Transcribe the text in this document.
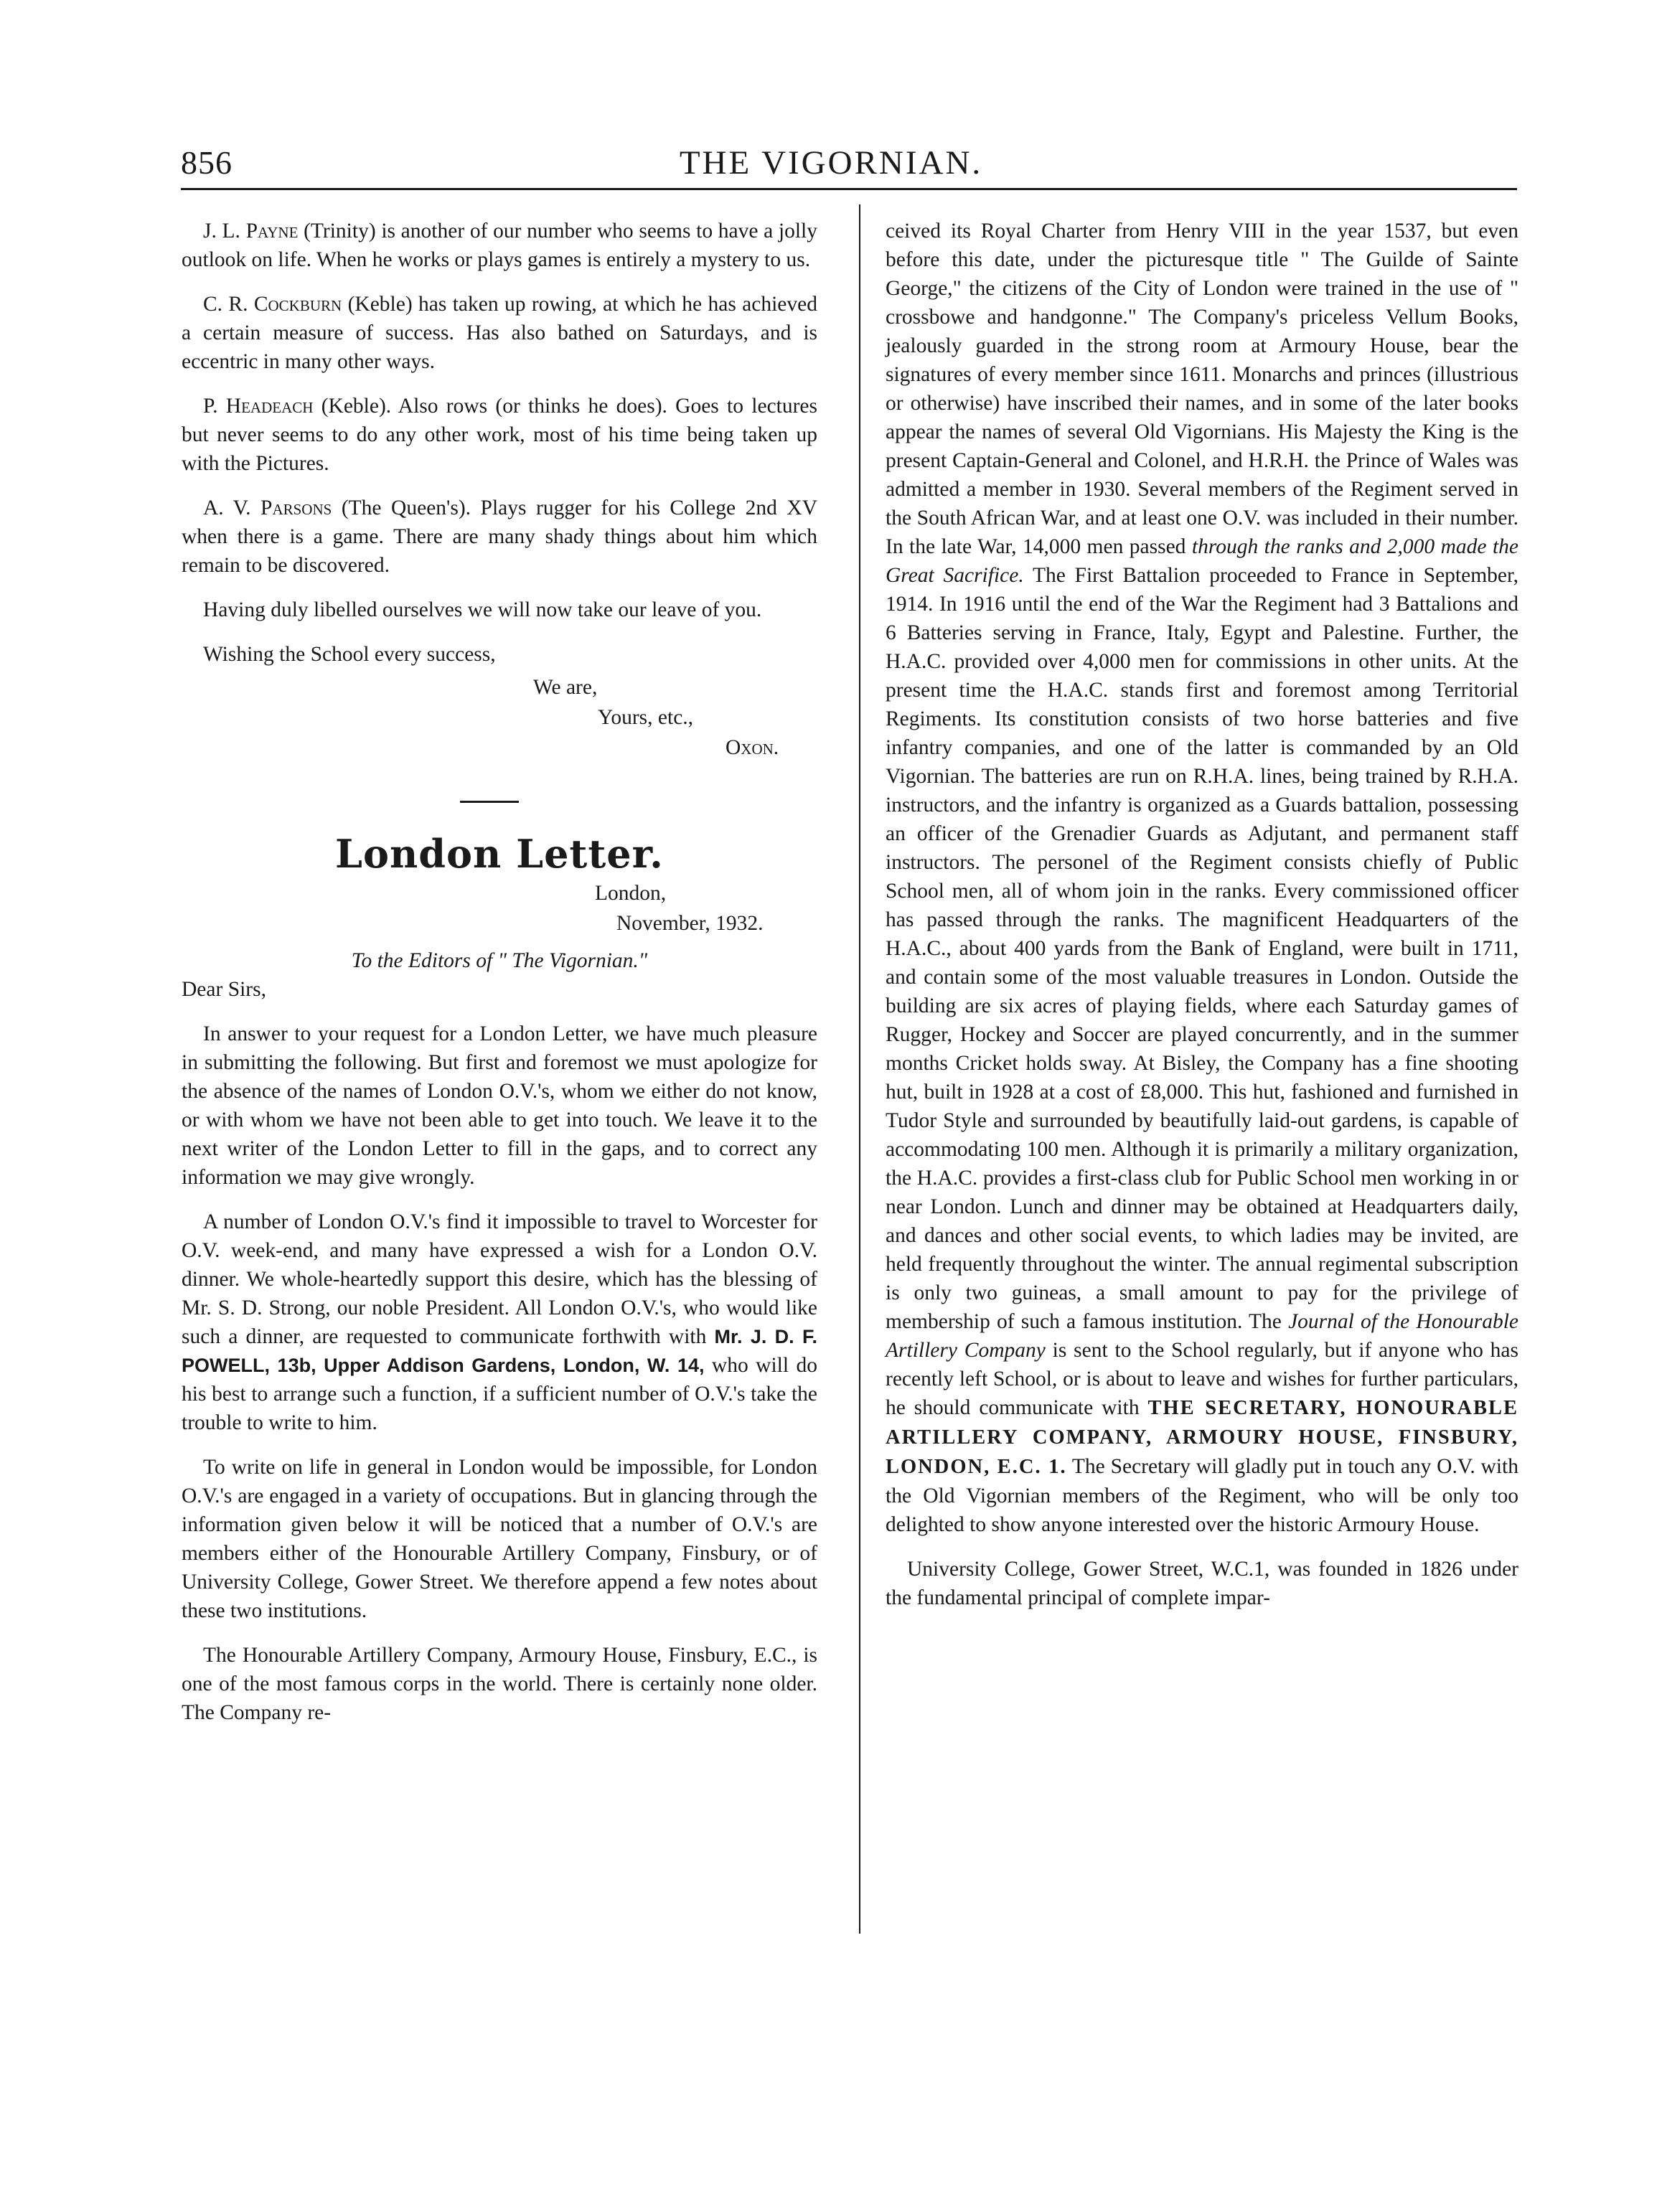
856	THE VIGORNIAN.

J. L. Payne (Trinity) is another of our number who seems to have a jolly outlook on life. When he works or plays games is entirely a mystery to us.

C. R. Cockburn (Keble) has taken up rowing, at which he has achieved a certain measure of success. Has also bathed on Saturdays, and is eccentric in many other ways.

P. Headeach (Keble). Also rows (or thinks he does). Goes to lectures but never seems to do any other work, most of his time being taken up with the Pictures.

A. V. Parsons (The Queen's). Plays rugger for his College 2nd XV when there is a game. There are many shady things about him which remain to be discovered.

Having duly libelled ourselves we will now take our leave of you.

Wishing the School every success,

We are,
Yours, etc.,
Oxon.
London Letter.
London,
November, 1932.
To the Editors of " The Vigornian."
Dear Sirs,

In answer to your request for a London Letter, we have much pleasure in submitting the following. But first and foremost we must apologize for the absence of the names of London O.V.'s, whom we either do not know, or with whom we have not been able to get into touch. We leave it to the next writer of the London Letter to fill in the gaps, and to correct any information we may give wrongly.

A number of London O.V.'s find it impossible to travel to Worcester for O.V. week-end, and many have expressed a wish for a London O.V. dinner. We whole-heartedly support this desire, which has the blessing of Mr. S. D. Strong, our noble President. All London O.V.'s, who would like such a dinner, are requested to communicate forthwith with Mr. J. D. F. POWELL, 13b, Upper Addison Gardens, London, W. 14, who will do his best to arrange such a function, if a sufficient number of O.V.'s take the trouble to write to him.

To write on life in general in London would be impossible, for London O.V.'s are engaged in a variety of occupations. But in glancing through the information given below it will be noticed that a number of O.V.'s are members either of the Honourable Artillery Company, Finsbury, or of University College, Gower Street. We therefore append a few notes about these two institutions.

The Honourable Artillery Company, Armoury House, Finsbury, E.C., is one of the most famous corps in the world. There is certainly none older. The Company re-

ceived its Royal Charter from Henry VIII in the year 1537, but even before this date, under the picturesque title " The Guilde of Sainte George," the citizens of the City of London were trained in the use of " crossbowe and handgonne." The Company's priceless Vellum Books, jealously guarded in the strong room at Armoury House, bear the signatures of every member since 1611. Monarchs and princes (illustrious or otherwise) have inscribed their names, and in some of the later books appear the names of several Old Vigornians. His Majesty the King is the present Captain-General and Colonel, and H.R.H. the Prince of Wales was admitted a member in 1930. Several members of the Regiment served in the South African War, and at least one O.V. was included in their number. In the late War, 14,000 men passed through the ranks and 2,000 made the Great Sacrifice. The First Battalion proceeded to France in September, 1914. In 1916 until the end of the War the Regiment had 3 Battalions and 6 Batteries serving in France, Italy, Egypt and Palestine. Further, the H.A.C. provided over 4,000 men for commissions in other units. At the present time the H.A.C. stands first and foremost among Territorial Regiments. Its constitution consists of two horse batteries and five infantry companies, and one of the latter is commanded by an Old Vigornian. The batteries are run on R.H.A. lines, being trained by R.H.A. instructors, and the infantry is organized as a Guards battalion, possessing an officer of the Grenadier Guards as Adjutant, and permanent staff instructors. The personel of the Regiment consists chiefly of Public School men, all of whom join in the ranks. Every commissioned officer has passed through the ranks. The magnificent Headquarters of the H.A.C., about 400 yards from the Bank of England, were built in 1711, and contain some of the most valuable treasures in London. Outside the building are six acres of playing fields, where each Saturday games of Rugger, Hockey and Soccer are played concurrently, and in the summer months Cricket holds sway. At Bisley, the Company has a fine shooting hut, built in 1928 at a cost of £8,000. This hut, fashioned and furnished in Tudor Style and surrounded by beautifully laid-out gardens, is capable of accommodating 100 men. Although it is primarily a military organization, the H.A.C. provides a first-class club for Public School men working in or near London. Lunch and dinner may be obtained at Headquarters daily, and dances and other social events, to which ladies may be invited, are held frequently throughout the winter. The annual regimental subscription is only two guineas, a small amount to pay for the privilege of membership of such a famous institution. The Journal of the Honourable Artillery Company is sent to the School regularly, but if anyone who has recently left School, or is about to leave and wishes for further particulars, he should communicate with THE SECRETARY, HONOURABLE ARTILLERY COMPANY, ARMOURY HOUSE, FINSBURY, LONDON, E.C. 1. The Secretary will gladly put in touch any O.V. with the Old Vigornian members of the Regiment, who will be only too delighted to show anyone interested over the historic Armoury House.

University College, Gower Street, W.C.1, was founded in 1826 under the fundamental principal of complete impar-
